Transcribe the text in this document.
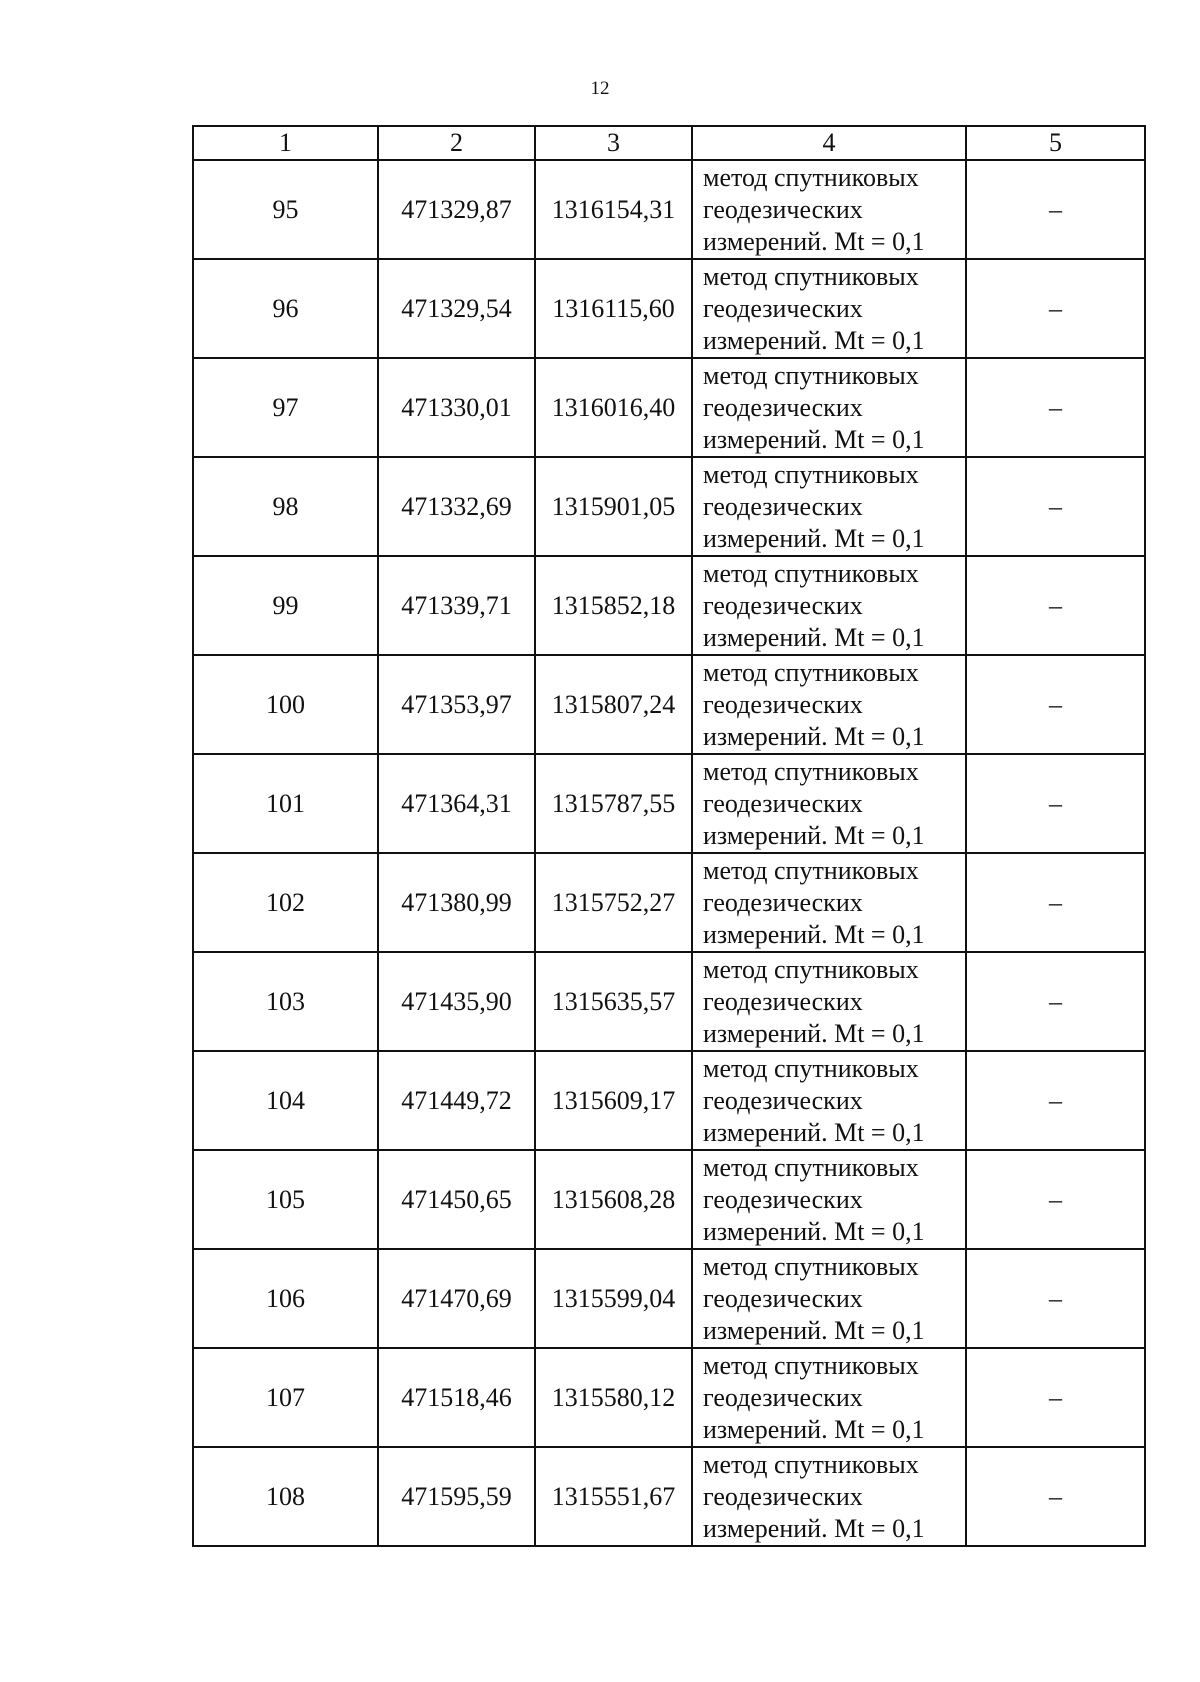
12
1	2	3	4	5
95	471329,87	1316154,31	метод спутниковых
геодезических
измерений. Mt = 0,1	–
96	471329,54	1316115,60	метод спутниковых
геодезических
измерений. Mt = 0,1	–
97	471330,01	1316016,40	метод спутниковых
геодезических
измерений. Mt = 0,1	–
98	471332,69	1315901,05	метод спутниковых
геодезических
измерений. Mt = 0,1	–
99	471339,71	1315852,18	метод спутниковых
геодезических
измерений. Mt = 0,1	–
100	471353,97	1315807,24	метод спутниковых
геодезических
измерений. Mt = 0,1	–
101	471364,31	1315787,55	метод спутниковых
геодезических
измерений. Mt = 0,1	–
102	471380,99	1315752,27	метод спутниковых
геодезических
измерений. Mt = 0,1	–
103	471435,90	1315635,57	метод спутниковых
геодезических
измерений. Mt = 0,1	–
104	471449,72	1315609,17	метод спутниковых
геодезических
измерений. Mt = 0,1	–
105	471450,65	1315608,28	метод спутниковых
геодезических
измерений. Mt = 0,1	–
106	471470,69	1315599,04	метод спутниковых
геодезических
измерений. Mt = 0,1	–
107	471518,46	1315580,12	метод спутниковых
геодезических
измерений. Mt = 0,1	–
108	471595,59	1315551,67	метод спутниковых
геодезических
измерений. Mt = 0,1	–
